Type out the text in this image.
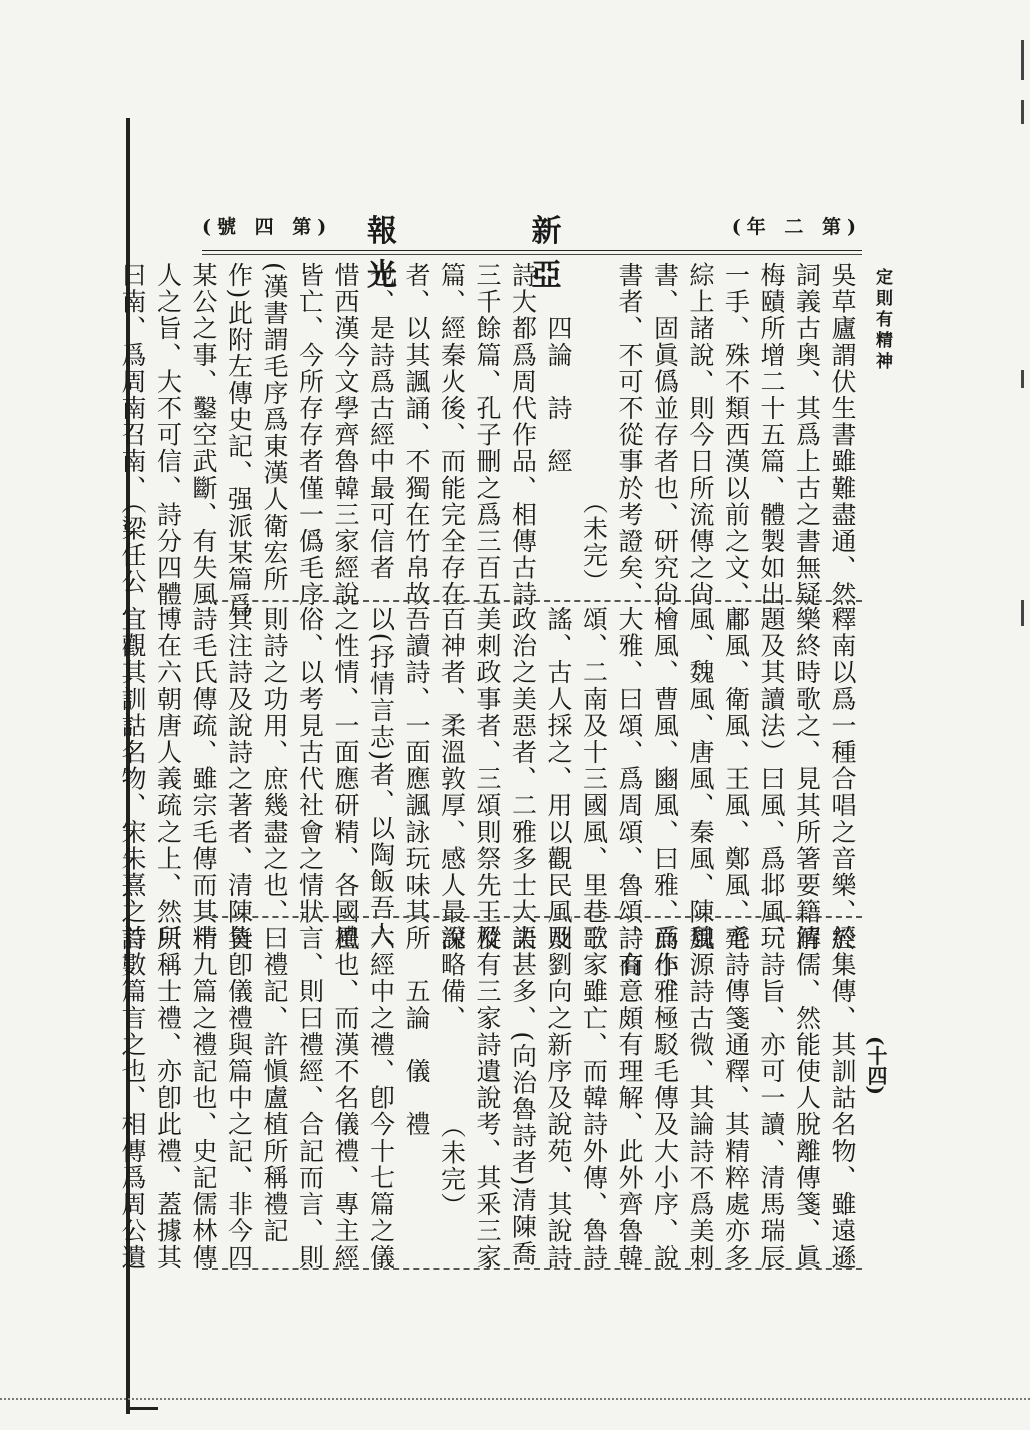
(號 四 第) 報 新 光 亞
(年 二 第)
定則有精神

吳草廬謂伏生書雖難盡通、然

詞義古奥、其爲上古之書無疑

梅賾所增二十五篇、體製如出

一手、殊不類西漢以前之文、

綜上諸說、則今日所流傳之尙

書、固眞僞並存者也、研究尙

書者、不可不從事於考證矣、

　　　　　　　　　（未完）

　　四論　詩　經

詩大都爲周代作品、相傳古詩

三千餘篇、孔子刪之爲三百五

篇、經秦火後、而能完全存在

者、以其諷誦、不獨在竹帛故

也、是詩爲古經中最可信者

惜西漢今文學齊魯韓三家經說

皆亡、今所存存者僅一僞毛序

(漢書謂毛序爲東漢人衛宏所

作)此附左傳史記、强派某篇爲

某公之事、鑿空武斷、有失風

人之旨、大不可信、詩分四體

曰南、爲周南召南、（梁任公

釋南以爲一種合唱之音樂、於

樂終時歌之、見其所箸要籍解

題及其讀法）曰風、爲邶風、

鄘風、衛風、王風、鄭風、齊

風、魏風、唐風、秦風、陳風

檜風、曹風、豳風、曰雅、爲小雅

大雅、曰頌、爲周頌、魯頌、商

頌、二南及十三國風、里巷歌

謠、古人採之、用以觀民風及

政治之美惡者、二雅多士大夫

美刺政事者、三頌則祭先王及

百神者、柔溫敦厚、感人最深

吾讀詩、一面應諷詠玩味其所

以(抒情言志)者、以陶飯吾人

之性情、一面應研精、各國風

俗、以考見古代社會之情狀

則詩之功用、庶幾盡之也、

其注詩及說詩之著者、清陳奐

詩毛氏傳疏、雖宗毛傳而其精

博在六朝唐人義疏之上、然只

宜觀其訓詁名物、宋朱熹之詩

經集傳、其訓詁名物、雖遠遜

清儒、然能使人脫離傳箋、眞

玩詩旨、亦可一讀、清馬瑞辰

毛詩傳箋通釋、其精粹處亦多

魏源詩古微、其論詩不爲美刺

而作、極駁毛傳及大小序、說

詩有意頗有理解、此外齊魯韓

三家雖亡、而韓詩外傳、魯詩

則劉向之新序及說苑、其說詩

語甚多、(向治魯詩者)清陳喬

樅有三家詩遺說考、其釆三家

說略備、　　　　（未完）

　　五論　儀　禮

六經中之禮、卽今十七篇之儀

禮也、而漢不名儀禮、專主經

言、則曰禮經、合記而言、則

曰禮記、許愼盧植所稱禮記

皆卽儀禮與篇中之記、非今四

十九篇之禮記也、史記儒林傳

所稱士禮、亦卽此禮、蓋據其

首數篇言之也、相傳爲周公遺	(十四)
